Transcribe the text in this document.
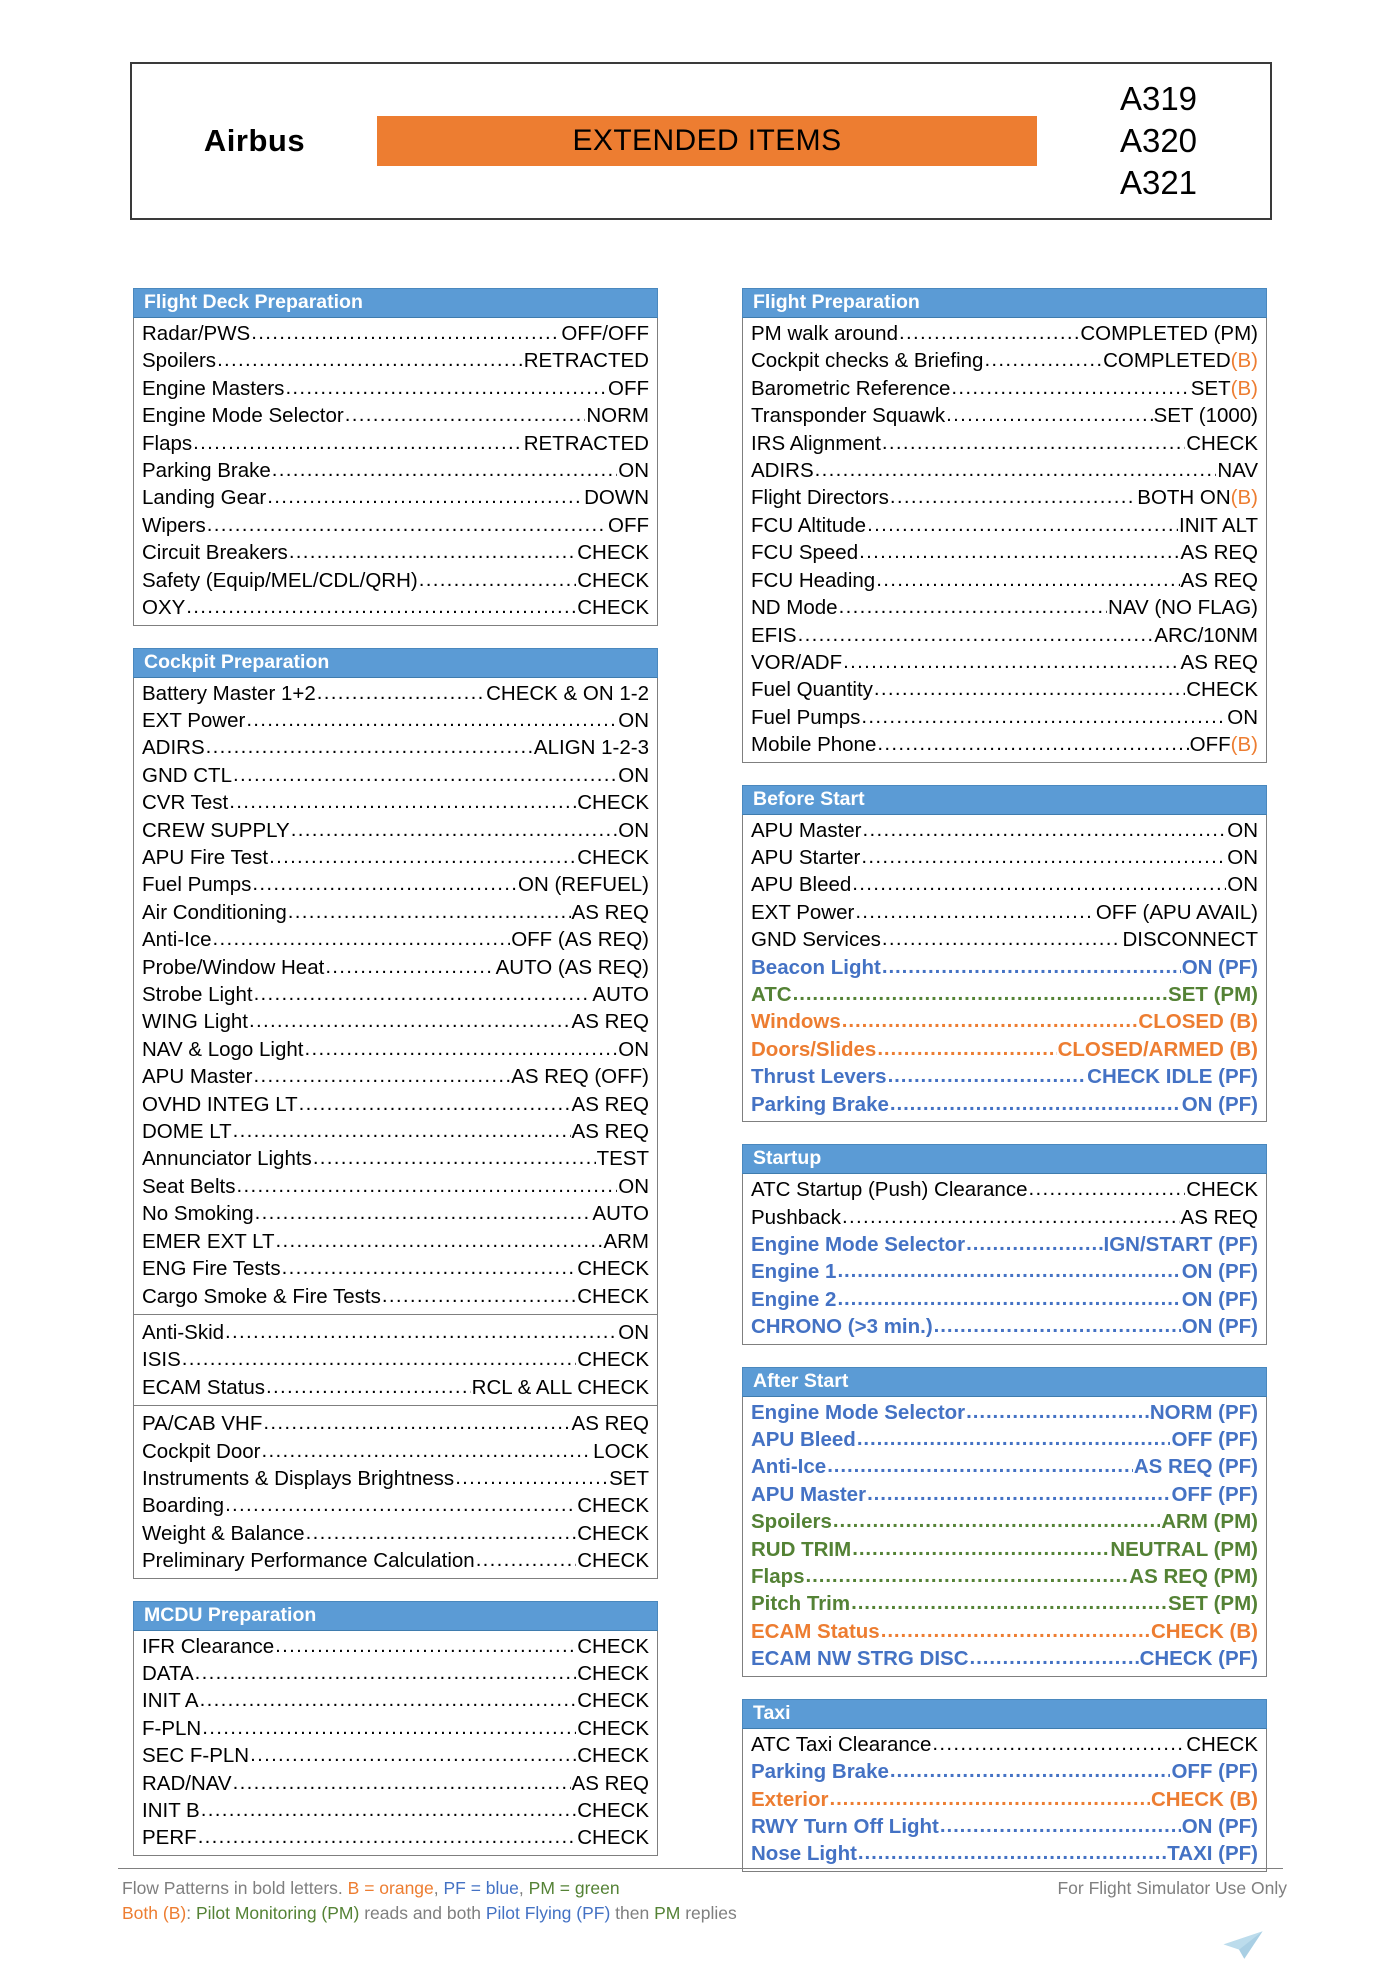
Airbus	EXTENDED ITEMS
A319
A320
A321
Flight Deck Preparation
Radar/PWS .....	OFF/OFF
Spoilers .....	RETRACTED
Engine Masters .....	OFF
Engine Mode Selector .....	NORM
Flaps .....	RETRACTED
Parking Brake .....	ON
Landing Gear .....	DOWN
Wipers .....	OFF
Circuit Breakers .....	CHECK
Safety (Equip/MEL/CDL/QRH) .....	CHECK
OXY .....	CHECK
Cockpit Preparation
Battery Master 1+2 .....	CHECK & ON 1-2
EXT Power .....	ON
ADIRS .....	ALIGN 1-2-3
GND CTL .....	ON
CVR Test .....	CHECK
CREW SUPPLY .....	ON
APU Fire Test .....	CHECK
Fuel Pumps .....	ON (REFUEL)
Air Conditioning .....	AS REQ
Anti-Ice .....	OFF (AS REQ)
Probe/Window Heat .....	AUTO (AS REQ)
Strobe Light .....	AUTO
WING Light .....	AS REQ
NAV & Logo Light .....	ON
APU Master .....	AS REQ (OFF)
OVHD INTEG LT .....	AS REQ
DOME LT .....	AS REQ
Annunciator Lights .....	TEST
Seat Belts .....	ON
No Smoking .....	AUTO
EMER EXT LT .....	ARM
ENG Fire Tests .....	CHECK
Cargo Smoke & Fire Tests .....	CHECK
Anti-Skid .....	ON
ISIS .....	CHECK
ECAM Status .....	RCL & ALL CHECK
PA/CAB VHF .....	AS REQ
Cockpit Door .....	LOCK
Instruments & Displays Brightness .....	SET
Boarding .....	CHECK
Weight & Balance .....	CHECK
Preliminary Performance Calculation .....	CHECK
MCDU Preparation
IFR Clearance .....	CHECK
DATA .....	CHECK
INIT A .....	CHECK
F-PLN .....	CHECK
SEC F-PLN .....	CHECK
RAD/NAV .....	AS REQ
INIT B .....	CHECK
PERF .....	CHECK
Flight Preparation
PM walk around .....	COMPLETED (PM)
Cockpit checks & Briefing .....	COMPLETED (B)
Barometric Reference .....	SET (B)
Transponder Squawk .....	SET (1000)
IRS Alignment .....	CHECK
ADIRS .....	NAV
Flight Directors .....	BOTH ON (B)
FCU Altitude .....	INIT ALT
FCU Speed .....	AS REQ
FCU Heading .....	AS REQ
ND Mode .....	NAV (NO FLAG)
EFIS .....	ARC/10NM
VOR/ADF .....	AS REQ
Fuel Quantity .....	CHECK
Fuel Pumps .....	ON
Mobile Phone .....	OFF (B)
Before Start
APU Master .....	ON
APU Starter .....	ON
APU Bleed .....	ON
EXT Power .....	OFF (APU AVAIL)
GND Services .....	DISCONNECT
Beacon Light .....	ON (PF)
ATC .....	SET (PM)
Windows .....	CLOSED (B)
Doors/Slides .....	CLOSED/ARMED (B)
Thrust Levers .....	CHECK IDLE (PF)
Parking Brake .....	ON (PF)
Startup
ATC Startup (Push) Clearance .....	CHECK
Pushback .....	AS REQ
Engine Mode Selector .....	IGN/START (PF)
Engine 1 .....	ON (PF)
Engine 2 .....	ON (PF)
CHRONO (>3 min.) .....	ON (PF)
After Start
Engine Mode Selector .....	NORM (PF)
APU Bleed .....	OFF (PF)
Anti-Ice .....	AS REQ (PF)
APU Master .....	OFF (PF)
Spoilers .....	ARM (PM)
RUD TRIM .....	NEUTRAL (PM)
Flaps .....	AS REQ (PM)
Pitch Trim .....	SET (PM)
ECAM Status .....	CHECK (B)
ECAM NW STRG DISC .....	CHECK (PF)
Taxi
ATC Taxi Clearance .....	CHECK
Parking Brake .....	OFF (PF)
Exterior .....	CHECK (B)
RWY Turn Off Light .....	ON (PF)
Nose Light .....	TAXI (PF)
For Flight Simulator Use Only
Flow Patterns in bold letters. B = orange, PF = blue, PM = green
Both (B): Pilot Monitoring (PM) reads and both Pilot Flying (PF) then PM replies
